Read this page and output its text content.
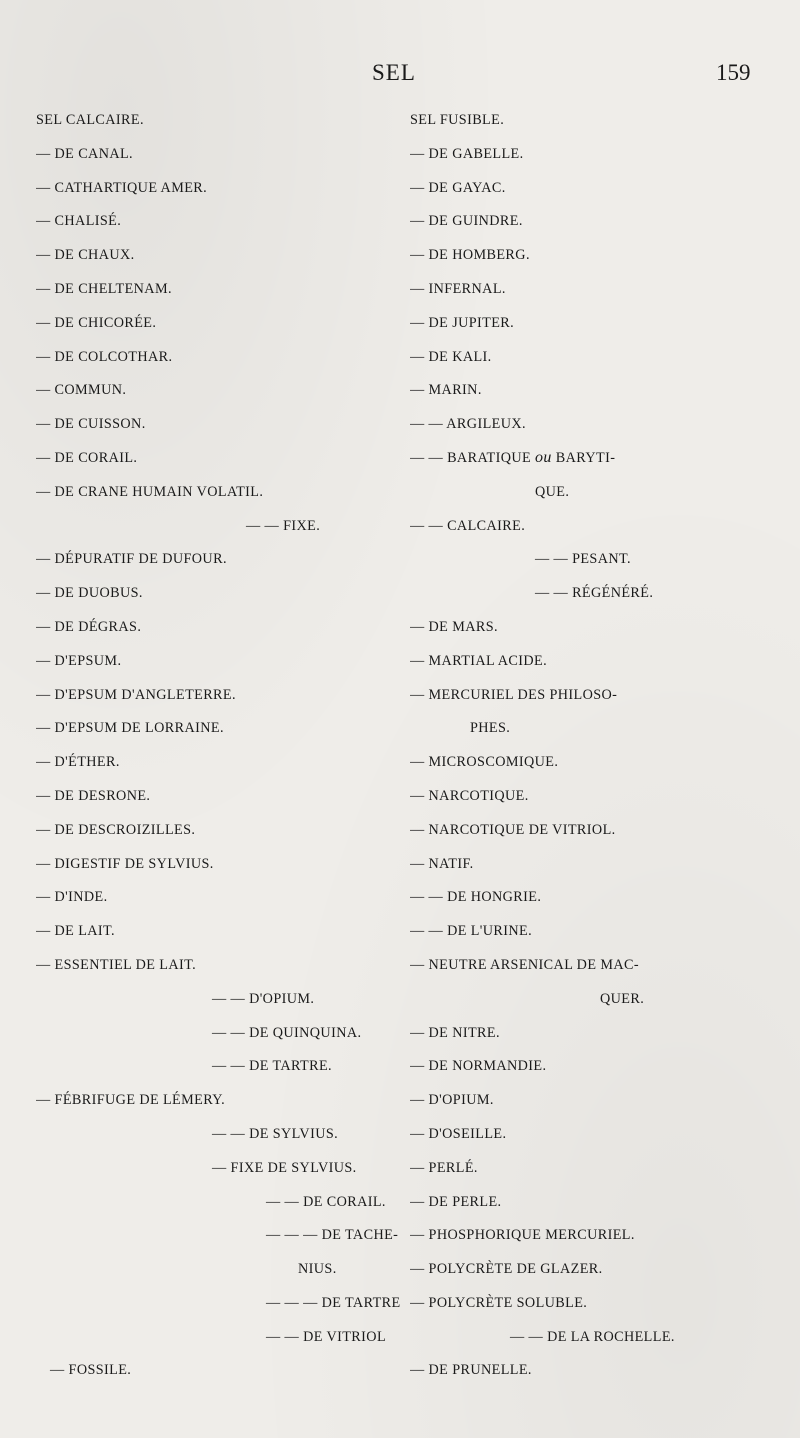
SEL	159
SEL CALCAIRE.
— DE CANAL.
— CATHARTIQUE AMER.
— CHALISÉ.
— DE CHAUX.
— DE CHELTENAM.
— DE CHICORÉE.
— DE COLCOTHAR.
— COMMUN.
— DE CUISSON.
— DE CORAIL.
— DE CRANE HUMAIN VOLATIL.
— — FIXE.
— DÉPURATIF DE DUFOUR.
— DE DUOBUS.
— DE DÉGRAS.
— D'EPSUM.
— D'EPSUM D'ANGLETERRE.
— D'EPSUM DE LORRAINE.
— D'ÉTHER.
— DE DESRONE.
— DE DESCROIZILLES.
— DIGESTIF DE SYLVIUS.
— D'INDE.
— DE LAIT.
— ESSENTIEL DE LAIT.
— — D'OPIUM.
— — DE QUINQUINA.
— — DE TARTRE.
— FÉBRIFUGE DE LÉMERY.
— — DE SYLVIUS.
— FIXE DE SYLVIUS.
— — DE CORAIL.
— — — DE TACHE-
NIUS.
— — — DE TARTRE
— — DE VITRIOL
— FOSSILE.
SEL FUSIBLE.
— DE GABELLE.
— DE GAYAC.
— DE GUINDRE.
— DE HOMBERG.
— INFERNAL.
— DE JUPITER.
— DE KALI.
— MARIN.
— — ARGILEUX.
— — BARATIQUE ou BARYTI-
QUE.
— — CALCAIRE.
— — PESANT.
— — RÉGÉNÉRÉ.
— DE MARS.
— MARTIAL ACIDE.
— MERCURIEL DES PHILOSO-
PHES.
— MICROSCOMIQUE.
— NARCOTIQUE.
— NARCOTIQUE DE VITRIOL.
— NATIF.
— — DE HONGRIE.
— — DE L'URINE.
— NEUTRE ARSENICAL DE MAC-
QUER.
— DE NITRE.
— DE NORMANDIE.
— D'OPIUM.
— D'OSEILLE.
— PERLÉ.
— DE PERLE.
— PHOSPHORIQUE MERCURIEL.
— POLYCRÈTE DE GLAZER.
— POLYCRÈTE SOLUBLE.
— — DE LA ROCHELLE.
— DE PRUNELLE.
